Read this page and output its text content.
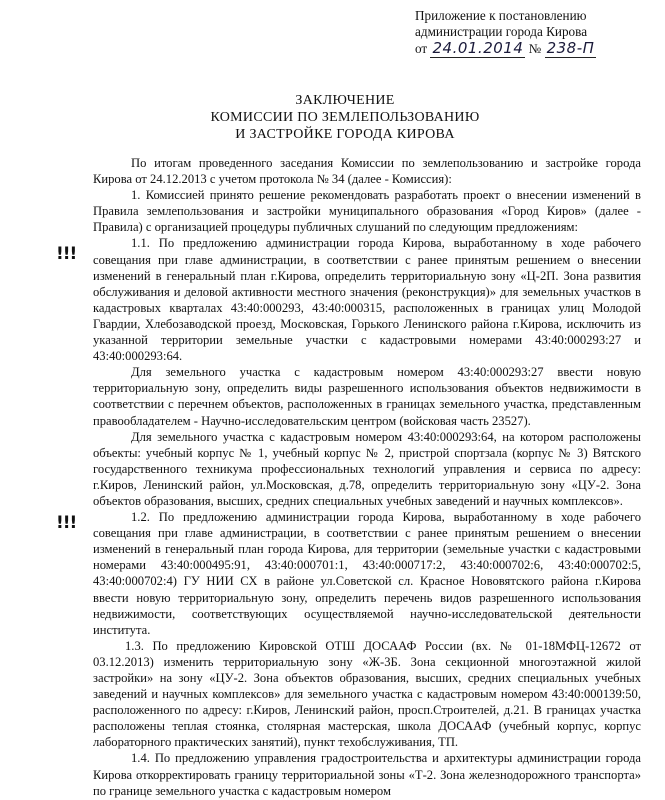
Приложение к постановлению
администрации города Кирова
от 24.01.2014 № 238-П
ЗАКЛЮЧЕНИЕ
КОМИССИИ ПО ЗЕМЛЕПОЛЬЗОВАНИЮ
И ЗАСТРОЙКЕ ГОРОДА КИРОВА
!!!
!!!

По итогам проведенного заседания Комиссии по землепользованию и застройке города Кирова от 24.12.2013 с учетом протокола № 34 (далее - Комиссия):

1. Комиссией принято решение рекомендовать разработать проект о внесении изменений в Правила землепользования и застройки муниципального образования «Город Киров» (далее - Правила) с организацией процедуры публичных слушаний по следующим предложениям:

1.1. По предложению администрации города Кирова, выработанному в ходе рабочего совещания при главе администрации, в соответствии с ранее принятым решением о внесении изменений в генеральный план г.Кирова, определить территориальную зону «Ц-2П. Зона развития обслуживания и деловой активности местного значения (реконструкция)» для земельных участков в кадастровых кварталах 43:40:000293, 43:40:000315, расположенных в границах улиц Молодой Гвардии, Хлебозаводской проезд, Московская, Горького Ленинского района г.Кирова, исключить из указанной территории земельные участки с кадастровыми номерами 43:40:000293:27 и 43:40:000293:64.

Для земельного участка с кадастровым номером 43:40:000293:27 ввести новую территориальную зону, определить виды разрешенного использования объектов недвижимости в соответствии с перечнем объектов, расположенных в границах земельного участка, представленным правообладателем - Научно-исследовательским центром (войсковая часть 23527).

Для земельного участка с кадастровым номером 43:40:000293:64, на котором расположены объекты: учебный корпус № 1, учебный корпус № 2, пристрой спортзала (корпус № 3) Вятского государственного техникума профессиональных технологий управления и сервиса по адресу: г.Киров, Ленинский район, ул.Московская, д.78, определить территориальную зону «ЦУ-2. Зона объектов образования, высших, средних специальных учебных заведений и научных комплексов».

1.2. По предложению администрации города Кирова, выработанному в ходе рабочего совещания при главе администрации, в соответствии с ранее принятым решением о внесении изменений в генеральный план города Кирова, для территории (земельные участки с кадастровыми номерами 43:40:000495:91, 43:40:000701:1, 43:40:000717:2, 43:40:000702:6, 43:40:000702:5, 43:40:000702:4) ГУ НИИ СХ в районе ул.Советской сл. Красное Нововятского района г.Кирова ввести новую территориальную зону, определить перечень видов разрешенного использования недвижимости, соответствующих осуществляемой научно-исследовательской деятельности института.

1.3. По предложению Кировской ОТШ ДОСААФ России (вх. № 01-18МФЦ-12672 от 03.12.2013) изменить территориальную зону «Ж-3Б. Зона секционной многоэтажной жилой застройки» на зону «ЦУ-2. Зона объектов образования, высших, средних специальных учебных заведений и научных комплексов» для земельного участка с кадастровым номером 43:40:000139:50, расположенного по адресу: г.Киров, Ленинский район, просп.Строителей, д.21. В границах участка расположены теплая стоянка, столярная мастерская, школа ДОСААФ (учебный корпус, корпус лабораторного практических занятий), пункт техобслуживания, ТП.

1.4. По предложению управления градостроительства и архитектуры администрации города Кирова откорректировать границу территориальной зоны «Т-2. Зона железнодорожного транспорта» по границе земельного участка с кадастровым номером
